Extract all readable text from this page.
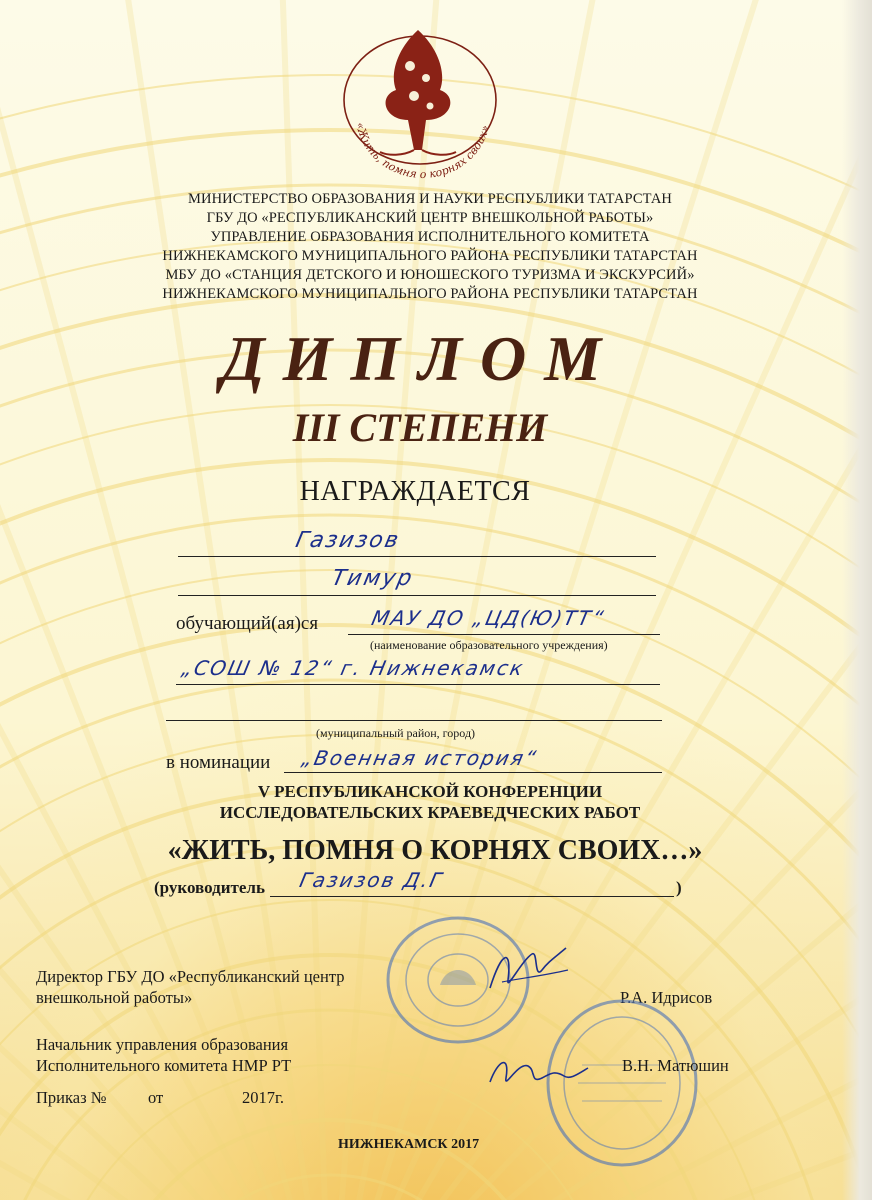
«Жить, помня о корнях своих»
МИНИСТЕРСТВО ОБРАЗОВАНИЯ И НАУКИ РЕСПУБЛИКИ ТАТАРСТАН
ГБУ ДО «РЕСПУБЛИКАНСКИЙ ЦЕНТР ВНЕШКОЛЬНОЙ РАБОТЫ»
УПРАВЛЕНИЕ ОБРАЗОВАНИЯ ИСПОЛНИТЕЛЬНОГО КОМИТЕТА
НИЖНЕКАМСКОГО МУНИЦИПАЛЬНОГО РАЙОНА РЕСПУБЛИКИ ТАТАРСТАН
МБУ ДО «СТАНЦИЯ ДЕТСКОГО И ЮНОШЕСКОГО ТУРИЗМА И ЭКСКУРСИЙ»
НИЖНЕКАМСКОГО МУНИЦИПАЛЬНОГО РАЙОНА РЕСПУБЛИКИ ТАТАРСТАН
ДИПЛОМ
III СТЕПЕНИ
НАГРАЖДАЕТСЯ
Газизов
Тимур
обучающий(ая)ся	МАУ ДО „ЦД(Ю)ТТ“
(наименование образовательного учреждения)
„СОШ № 12“ г. Нижнекамск
(муниципальный район, город)
в номинации „Военная история“
V РЕСПУБЛИКАНСКОЙ КОНФЕРЕНЦИИ
ИССЛЕДОВАТЕЛЬСКИХ КРАЕВЕДЧЕСКИХ РАБОТ
«ЖИТЬ, ПОМНЯ О КОРНЯХ СВОИХ…»
(руководитель Газизов Д.Г	)
Директор ГБУ ДО «Республиканский центр
внешкольной работы»	Р.А. Идрисов
Начальник управления образования
Исполнительного комитета НМР РТ	В.Н. Матюшин
Приказ №	от	2017г.
НИЖНЕКАМСК 2017
